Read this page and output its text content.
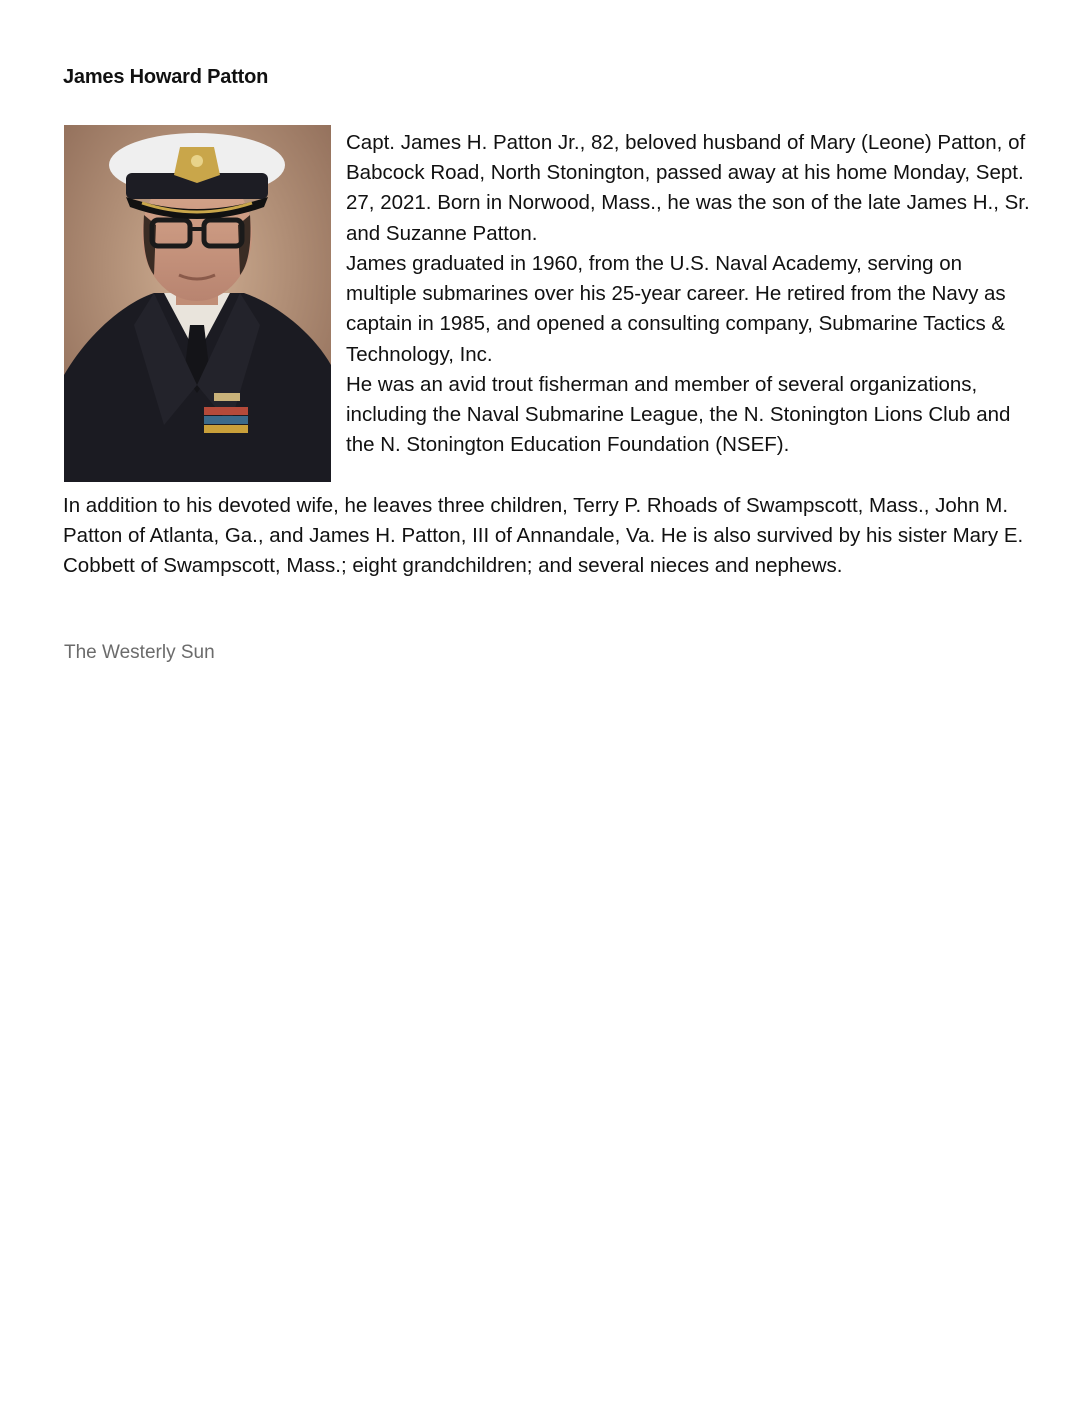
James Howard Patton

Capt. James H. Patton Jr., 82, beloved husband of Mary (Leone) Patton, of Babcock Road, North Stonington, passed away at his home Monday, Sept. 27, 2021. Born in Norwood, Mass., he was the son of the late James H., Sr. and Suzanne Patton.

James graduated in 1960, from the U.S. Naval Academy, serving on multiple submarines over his 25-year career. He retired from the Navy as captain in 1985, and opened a consulting company, Submarine Tactics & Technology, Inc.

He was an avid trout fisherman and member of several organizations, including the Naval Submarine League, the N. Stonington Lions Club and the N. Stonington Education Foundation (NSEF).

In addition to his devoted wife, he leaves three children, Terry P. Rhoads of Swampscott, Mass., John M. Patton of Atlanta, Ga., and James H. Patton, III of Annandale, Va. He is also survived by his sister Mary E. Cobbett of Swampscott, Mass.; eight grandchildren; and several nieces and nephews.

The Westerly Sun
